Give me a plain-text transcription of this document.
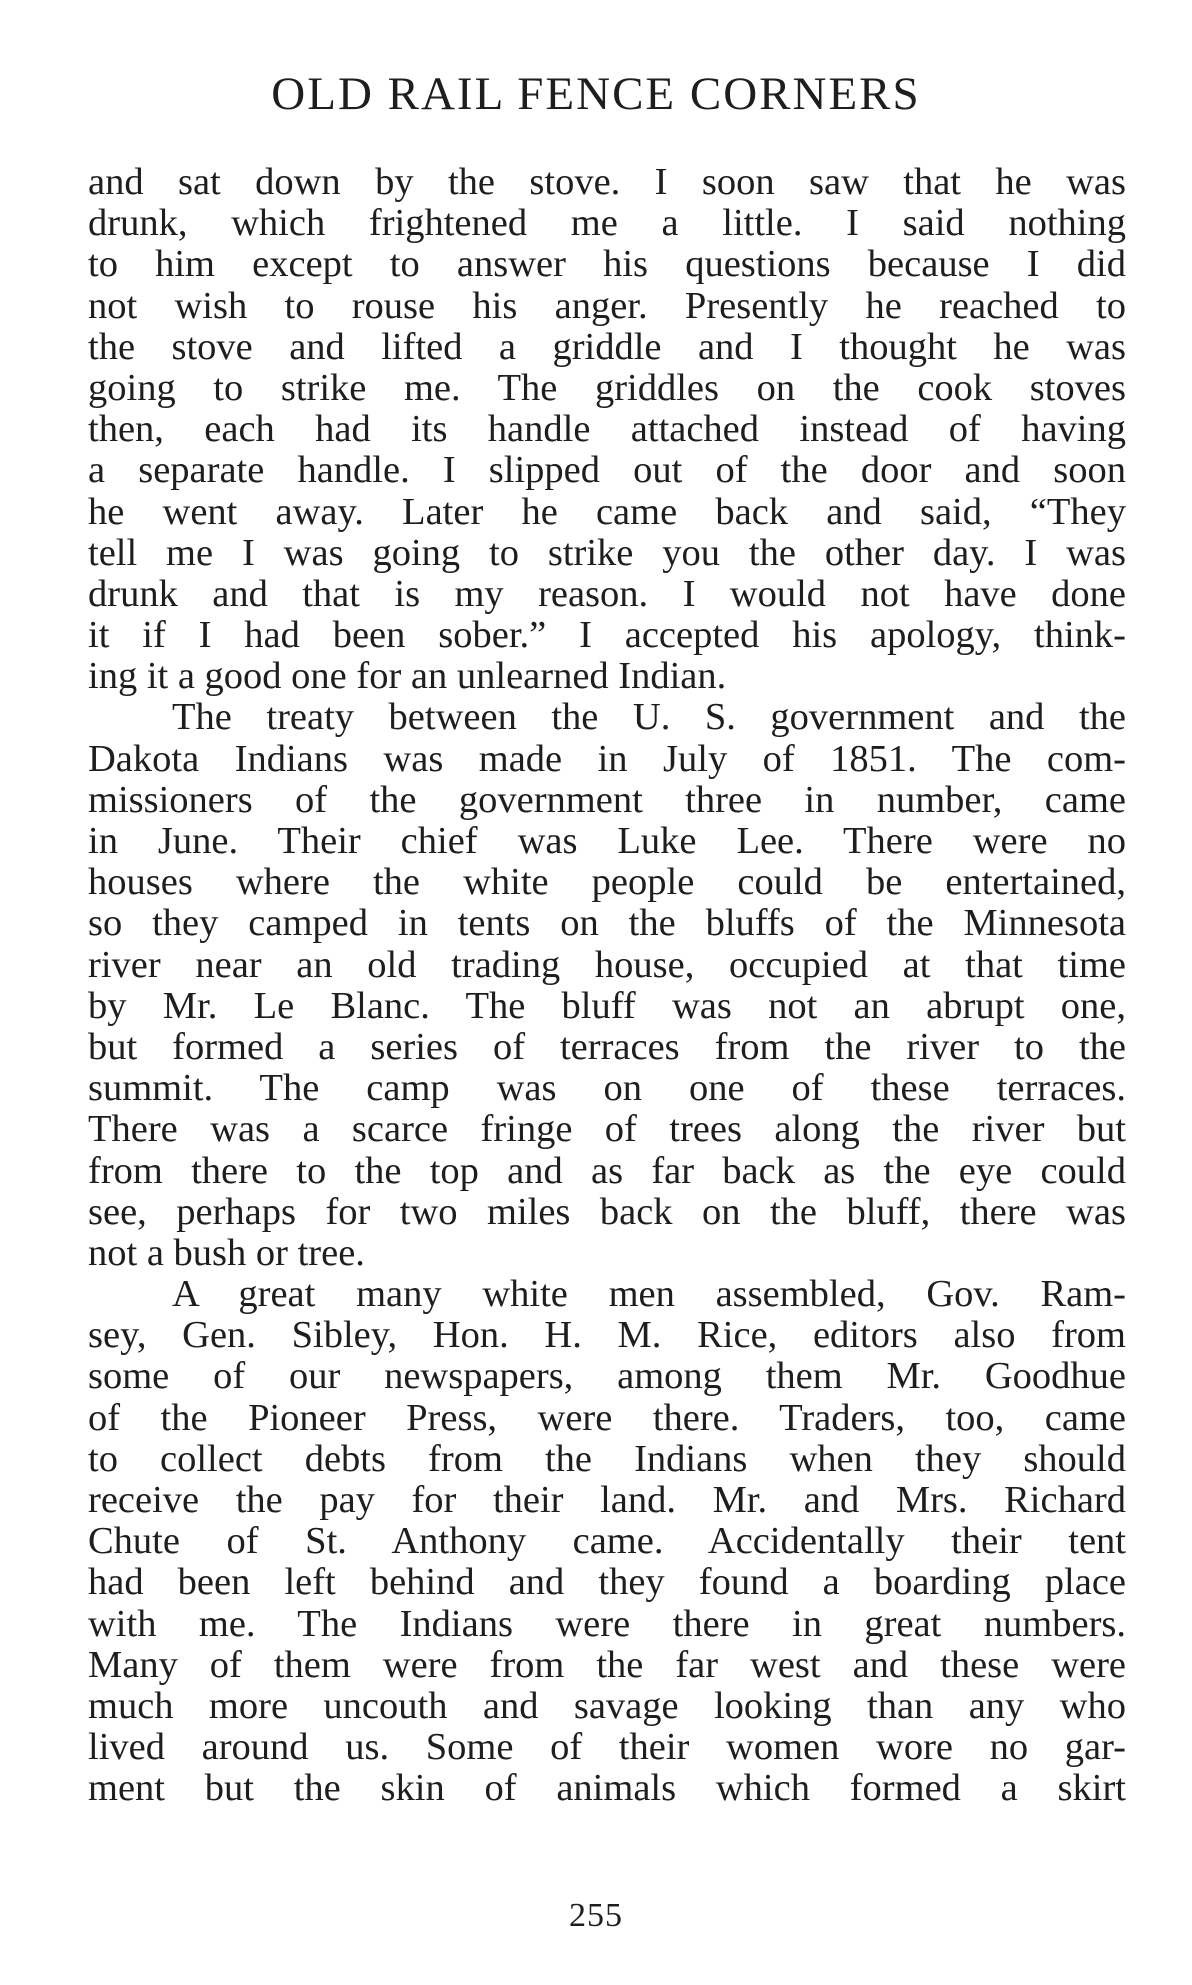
OLD RAIL FENCE CORNERS
and sat down by the stove. I soon saw that he was
drunk, which frightened me a little. I said nothing
to him except to answer his questions because I did
not wish to rouse his anger. Presently he reached to
the stove and lifted a griddle and I thought he was
going to strike me. The griddles on the cook stoves
then, each had its handle attached instead of having
a separate handle. I slipped out of the door and soon
he went away. Later he came back and said, “They
tell me I was going to strike you the other day. I was
drunk and that is my reason. I would not have done
it if I had been sober.” I accepted his apology, think-
ing it a good one for an unlearned Indian.
The treaty between the U. S. government and the
Dakota Indians was made in July of 1851. The com-
missioners of the government three in number, came
in June. Their chief was Luke Lee. There were no
houses where the white people could be entertained,
so they camped in tents on the bluffs of the Minnesota
river near an old trading house, occupied at that time
by Mr. Le Blanc. The bluff was not an abrupt one,
but formed a series of terraces from the river to the
summit. The camp was on one of these terraces.
There was a scarce fringe of trees along the river but
from there to the top and as far back as the eye could
see, perhaps for two miles back on the bluff, there was
not a bush or tree.
A great many white men assembled, Gov. Ram-
sey, Gen. Sibley, Hon. H. M. Rice, editors also from
some of our newspapers, among them Mr. Goodhue
of the Pioneer Press, were there. Traders, too, came
to collect debts from the Indians when they should
receive the pay for their land. Mr. and Mrs. Richard
Chute of St. Anthony came. Accidentally their tent
had been left behind and they found a boarding place
with me. The Indians were there in great numbers.
Many of them were from the far west and these were
much more uncouth and savage looking than any who
lived around us. Some of their women wore no gar-
ment but the skin of animals which formed a skirt
255
